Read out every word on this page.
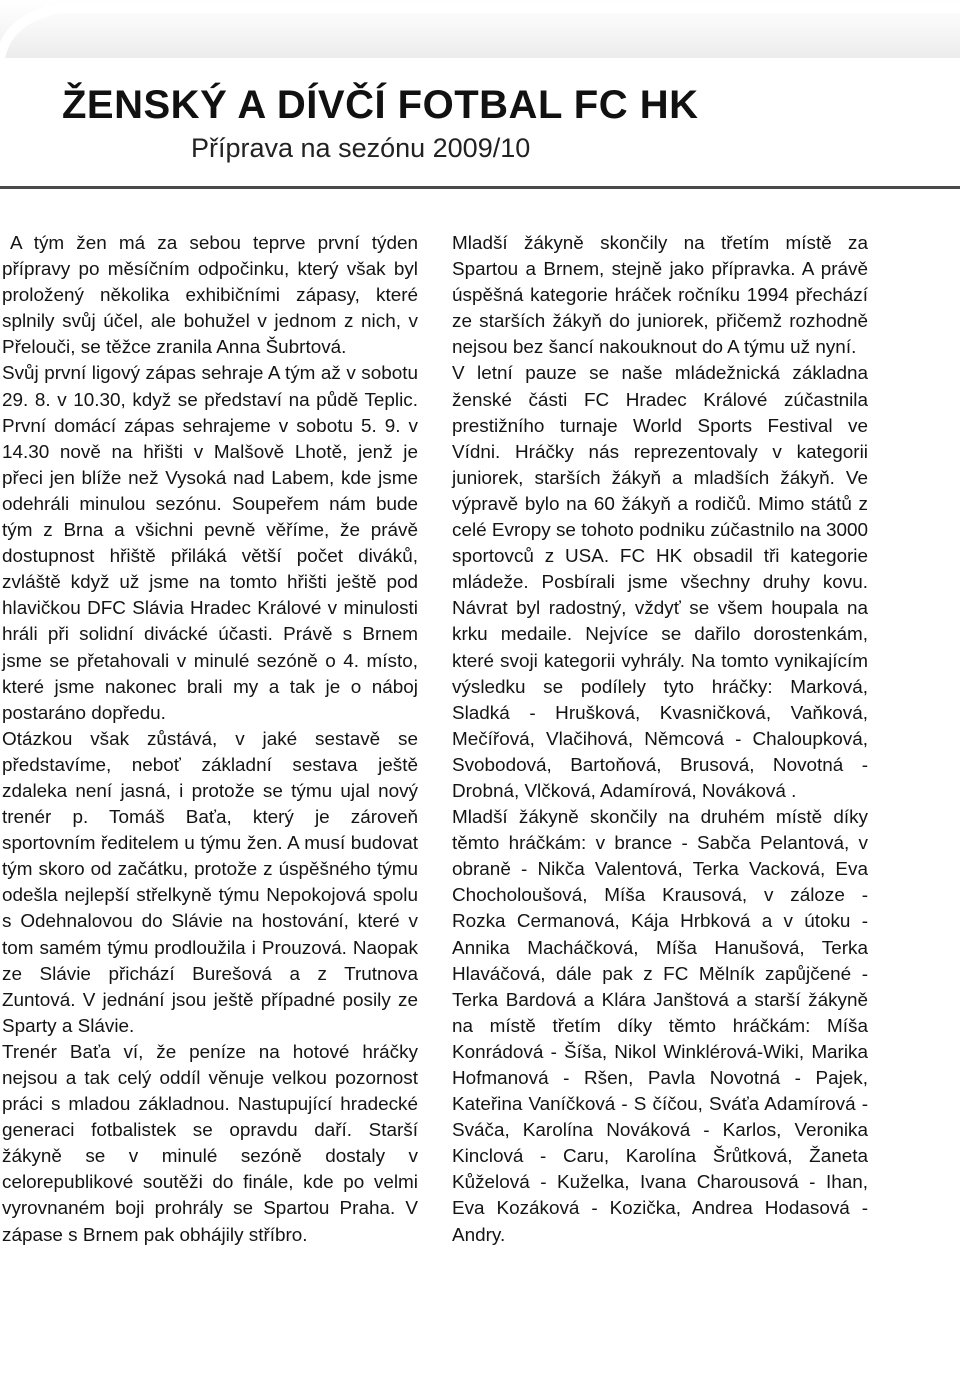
ŽENSKÝ A DÍVČÍ FOTBAL FC HK
Příprava na sezónu 2009/10

A tým žen má za sebou teprve první týden přípravy po měsíčním odpočinku, který však byl proložený několika exhibičními zápasy, které splnily svůj účel, ale bohužel v jednom z nich, v Přelouči, se těžce zranila Anna Šubrtová.

Svůj první ligový zápas sehraje A tým až v sobotu 29. 8. v 10.30, když se představí na půdě Teplic. První domácí zápas sehrajeme v sobotu 5. 9. v 14.30 nově na hřišti v Malšově Lhotě, jenž je přeci jen blíže než Vysoká nad Labem, kde jsme odehráli minulou sezónu. Soupeřem nám bude tým z Brna a všichni pevně věříme, že právě dostupnost hřiště přiláká větší počet diváků, zvláště když už jsme na tomto hřišti ještě pod hlavičkou DFC Slávia Hradec Králové v minulosti hráli při solidní divácké účasti. Právě s Brnem jsme se přetahovali v minulé sezóně o 4. místo, které jsme nakonec brali my a tak je o náboj postaráno dopředu.

Otázkou však zůstává, v jaké sestavě se představíme, neboť základní sestava ještě zdaleka není jasná, i protože se týmu ujal nový trenér p. Tomáš Baťa, který je zároveň sportovním ředitelem u týmu žen. A musí budovat tým skoro od začátku, protože z úspěšného týmu odešla nejlepší střelkyně týmu Nepokojová spolu s Odehnalovou do Slávie na hostování, které v tom samém týmu prodloužila i Prouzová. Naopak ze Slávie přichází Burešová a z Trutnova Zuntová. V jednání jsou ještě případné posily ze Sparty a Slávie.

Trenér Baťa ví, že peníze na hotové hráčky nejsou a tak celý oddíl věnuje velkou pozornost práci s mladou základnou. Nastupující hradecké generaci fotbalistek se opravdu daří. Starší žákyně se v minulé sezóně dostaly v celorepublikové soutěži do finále, kde po velmi vyrovnaném boji prohrály se Spartou Praha. V zápase s Brnem pak obhájily stříbro.

Mladší žákyně skončily na třetím místě za Spartou a Brnem, stejně jako přípravka. A právě úspěšná kategorie hráček ročníku 1994 přechází ze starších žákyň do juniorek, přičemž rozhodně nejsou bez šancí nakouknout do A týmu už nyní.

V letní pauze se naše mládežnická základna ženské části FC Hradec Králové zúčastnila prestižního turnaje World Sports Festival ve Vídni. Hráčky nás reprezentovaly v kategorii juniorek, starších žákyň a mladších žákyň. Ve výpravě bylo na 60 žákyň a rodičů. Mimo států z celé Evropy se tohoto podniku zúčastnilo na 3000 sportovců z USA. FC HK obsadil tři kategorie mládeže. Posbírali jsme všechny druhy kovu. Návrat byl radostný, vždyť se všem houpala na krku medaile. Nejvíce se dařilo dorostenkám, které svoji kategorii vyhrály. Na tomto vynikajícím výsledku se podílely tyto hráčky: Marková, Sladká - Hrušková, Kvasničková, Vaňková, Mečířová, Vlačihová, Němcová - Chaloupková, Svobodová, Bartoňová, Brusová, Novotná - Drobná, Vlčková, Adamírová, Nováková .

Mladší žákyně skončily na druhém místě díky těmto hráčkám: v brance - Sabča Pelantová, v obraně - Nikča Valentová, Terka Vacková, Eva Chocholoušová, Míša Krausová, v záloze - Rozka Cermanová, Kája Hrbková a v útoku - Annika Macháčková, Míša Hanušová, Terka Hlaváčová, dále pak z FC Mělník zapůjčené - Terka Bardová a Klára Janštová a starší žákyně na místě třetím díky těmto hráčkám: Míša Konrádová - Šíša, Nikol Winklérová-Wiki, Marika Hofmanová - Ršen, Pavla Novotná - Pajek, Kateřina Vaníčková - S číčou, Sváťa Adamírová - Sváča, Karolína Nováková - Karlos, Veronika Kinclová - Caru, Karolína Šrůtková, Žaneta Kůželová - Kuželka, Ivana Charousová - Ihan, Eva Kozáková - Kozička, Andrea Hodasová - Andry.
